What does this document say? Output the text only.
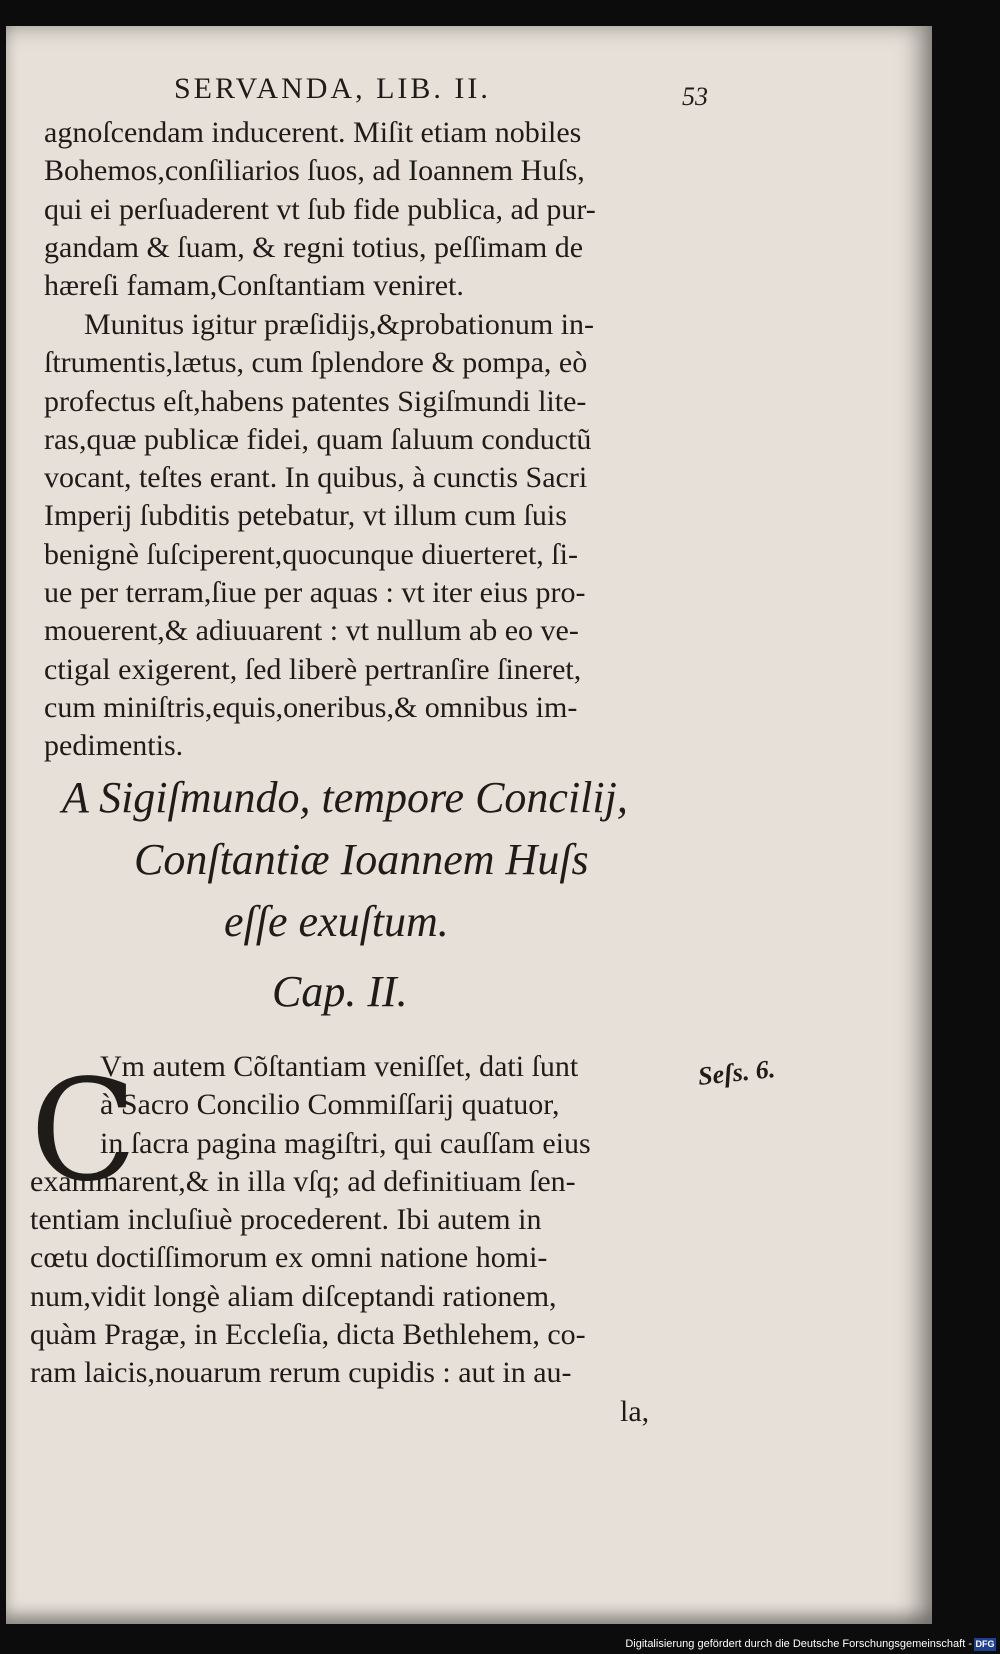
SERVANDA, LIB. II.	53
agnoſcendam inducerent. Miſit etiam nobiles
Bohemos,conſiliarios ſuos, ad Ioannem Huſs,
qui ei perſuaderent vt ſub fide publica, ad pur-
gandam & ſuam, & regni totius, peſſimam de
hæreſi famam,Conſtantiam veniret.
Munitus igitur præſidijs,&probationum in-
ſtrumentis,lætus, cum ſplendore & pompa, eò
profectus eſt,habens patentes Sigiſmundi lite-
ras,quæ publicæ fidei, quam ſaluum conductũ
vocant, teſtes erant. In quibus, à cunctis Sacri
Imperij ſubditis petebatur, vt illum cum ſuis
benignè ſuſciperent,quocunque diuerteret, ſi-
ue per terram,ſiue per aquas : vt iter eius pro-
mouerent,& adiuuarent : vt nullum ab eo ve-
ctigal exigerent, ſed liberè pertranſire ſineret,
cum miniſtris,equis,oneribus,& omnibus im-
pedimentis.
A Sigiſmundo, tempore Concilij,
Conſtantiæ Ioannem Huſs
eſſe exuſtum.
Cap. II.
C	Seſs. 6.
Vm autem Cõſtantiam veniſſet, dati ſunt
à Sacro Concilio Commiſſarij quatuor,
in ſacra pagina magiſtri, qui cauſſam eius
examinarent,& in illa vſq; ad definitiuam ſen-
tentiam incluſiuè procederent. Ibi autem in
cœtu doctiſſimorum ex omni natione homi-
num,vidit longè aliam diſceptandi rationem,
quàm Pragæ, in Eccleſia, dicta Bethlehem, co-
ram laicis,nouarum rerum cupidis : aut in au-
la,
Digitalisierung gefördert durch die Deutsche Forschungsgemeinschaft - DFG
